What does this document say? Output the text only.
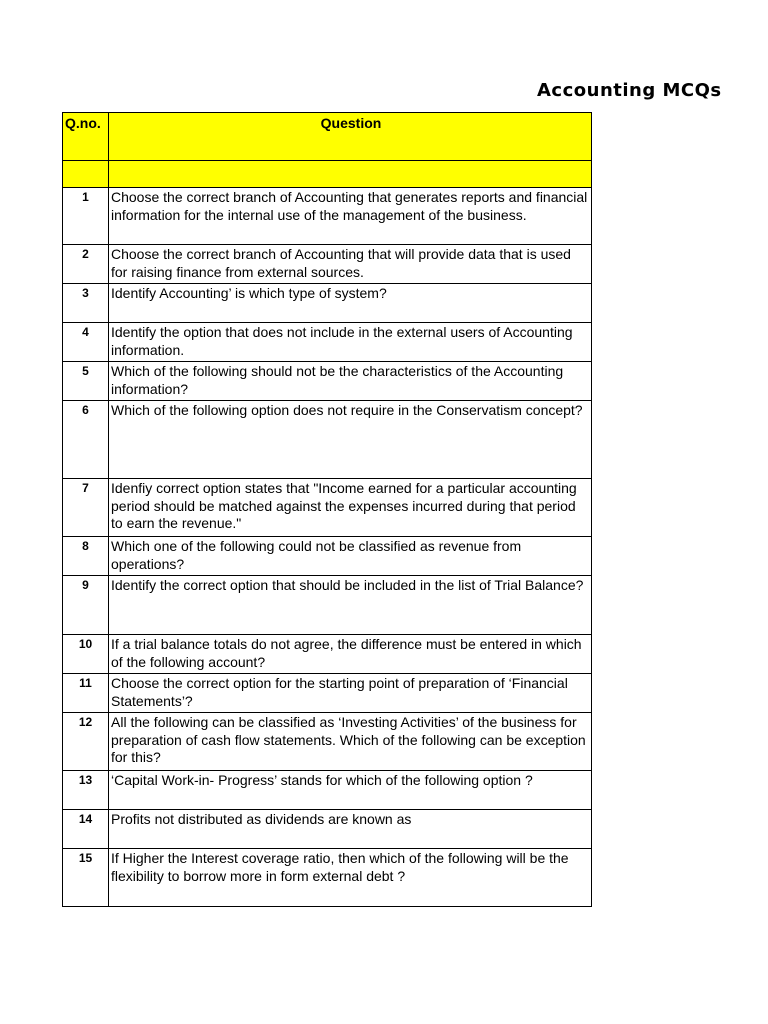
Accounting MCQs
Q.no.	Question

1	Choose the correct branch of Accounting that generates reports and financial information for the internal use of the management of the business.
2	Choose the correct branch of Accounting that will provide data that is used for raising finance from external sources.
3	Identify Accounting’ is which type of system?
4	Identify the option that does not include in the external users of Accounting information.
5	Which of the following should not be the characteristics of the Accounting information?
6	Which of the following option does not require in the Conservatism concept?
7	Idenfiy correct option states that "Income earned for a particular accounting period should be matched against the expenses incurred during that period to earn the revenue."
8	Which one of the following could not be classified as revenue from operations?
9	Identify the correct option that should be included in the list of Trial Balance?
10	If a trial balance totals do not agree, the difference must be entered in which of the following account?
11	Choose the correct option for the starting point of preparation of ‘Financial Statements’?
12	All the following can be classified as ‘Investing Activities’ of the business for preparation of cash flow statements. Which of the following can be exception for this?
13	‘Capital Work-in- Progress’ stands for which of the following option ?
14	Profits not distributed as dividends are known as
15	If Higher the Interest coverage ratio, then which of the following will be the flexibility to borrow more in form external debt ?
